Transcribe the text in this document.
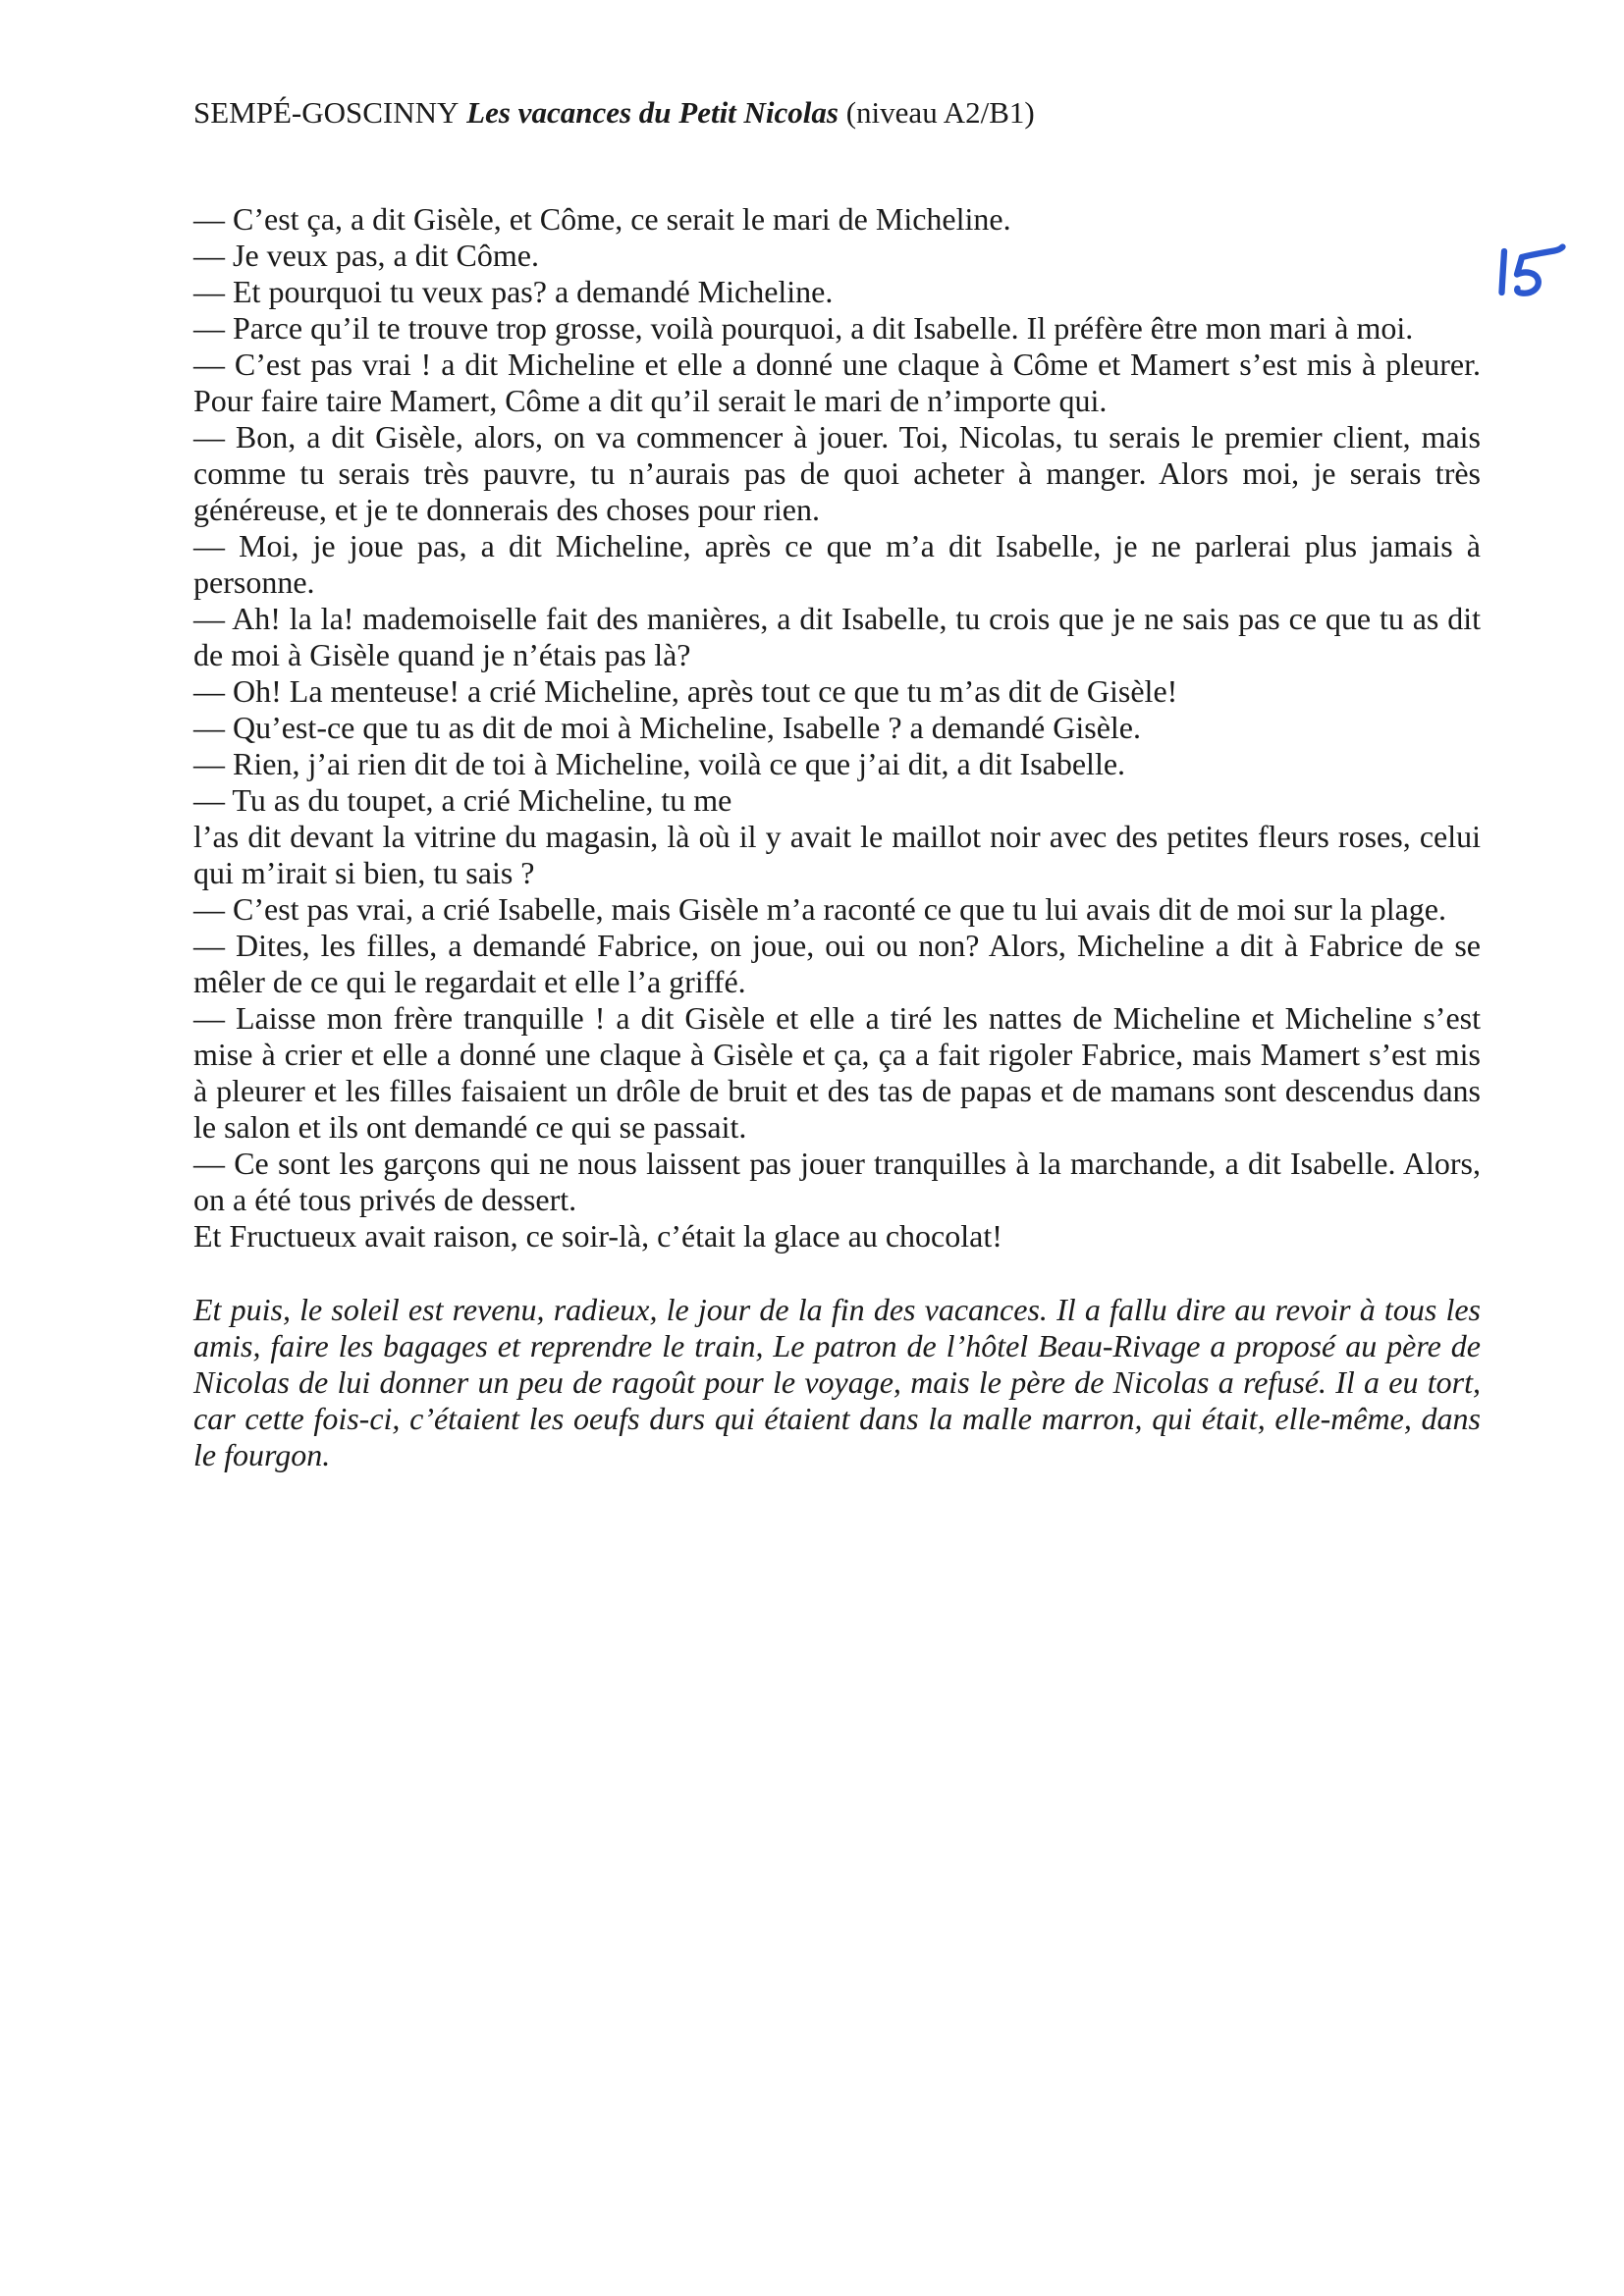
SEMPÉ-GOSCINNY Les vacances du Petit Nicolas (niveau A2/B1)

— C’est ça, a dit Gisèle, et Côme, ce serait le mari de Micheline.

— Je veux pas, a dit Côme.

— Et pourquoi tu veux pas? a demandé Micheline.

— Parce qu’il te trouve trop grosse, voilà pourquoi, a dit Isabelle. Il préfère être mon mari à moi.

— C’est pas vrai ! a dit Micheline et elle a donné une claque à Côme et Mamert s’est mis à pleurer. Pour faire taire Mamert, Côme a dit qu’il serait le mari de n’importe qui.

— Bon, a dit Gisèle, alors, on va commencer à jouer. Toi, Nicolas, tu serais le premier client, mais comme tu serais très pauvre, tu n’aurais pas de quoi acheter à manger. Alors moi, je serais très généreuse, et je te donnerais des choses pour rien.

— Moi, je joue pas, a dit Micheline, après ce que m’a dit Isabelle, je ne parlerai plus jamais à personne.

— Ah! la la! mademoiselle fait des manières, a dit Isabelle, tu crois que je ne sais pas ce que tu as dit de moi à Gisèle quand je n’étais pas là?

— Oh! La menteuse! a crié Micheline, après tout ce que tu m’as dit de Gisèle!

— Qu’est-ce que tu as dit de moi à Micheline, Isabelle ? a demandé Gisèle.

— Rien, j’ai rien dit de toi à Micheline, voilà ce que j’ai dit, a dit Isabelle.

— Tu as du toupet, a crié Micheline, tu me

l’as dit devant la vitrine du magasin, là où il y avait le maillot noir avec des petites fleurs roses, celui qui m’irait si bien, tu sais ?

— C’est pas vrai, a crié Isabelle, mais Gisèle m’a raconté ce que tu lui avais dit de moi sur la plage.

— Dites, les filles, a demandé Fabrice, on joue, oui ou non? Alors, Micheline a dit à Fabrice de se mêler de ce qui le regardait et elle l’a griffé.

— Laisse mon frère tranquille ! a dit Gisèle et elle a tiré les nattes de Micheline et Micheline s’est mise à crier et elle a donné une claque à Gisèle et ça, ça a fait rigoler Fabrice, mais Mamert s’est mis à pleurer et les filles faisaient un drôle de bruit et des tas de papas et de mamans sont descendus dans le salon et ils ont demandé ce qui se passait.

— Ce sont les garçons qui ne nous laissent pas jouer tranquilles à la marchande, a dit Isabelle. Alors, on a été tous privés de dessert.

Et Fructueux avait raison, ce soir-là, c’était la glace au chocolat!

Et puis, le soleil est revenu, radieux, le jour de la fin des vacances. Il a fallu dire au revoir à tous les amis, faire les bagages et reprendre le train, Le patron de l’hôtel Beau-Rivage a proposé au père de Nicolas de lui donner un peu de ragoût pour le voyage, mais le père de Nicolas a refusé. Il a eu tort, car cette fois-ci, c’étaient les oeufs durs qui étaient dans la malle marron, qui était, elle-même, dans le fourgon.
